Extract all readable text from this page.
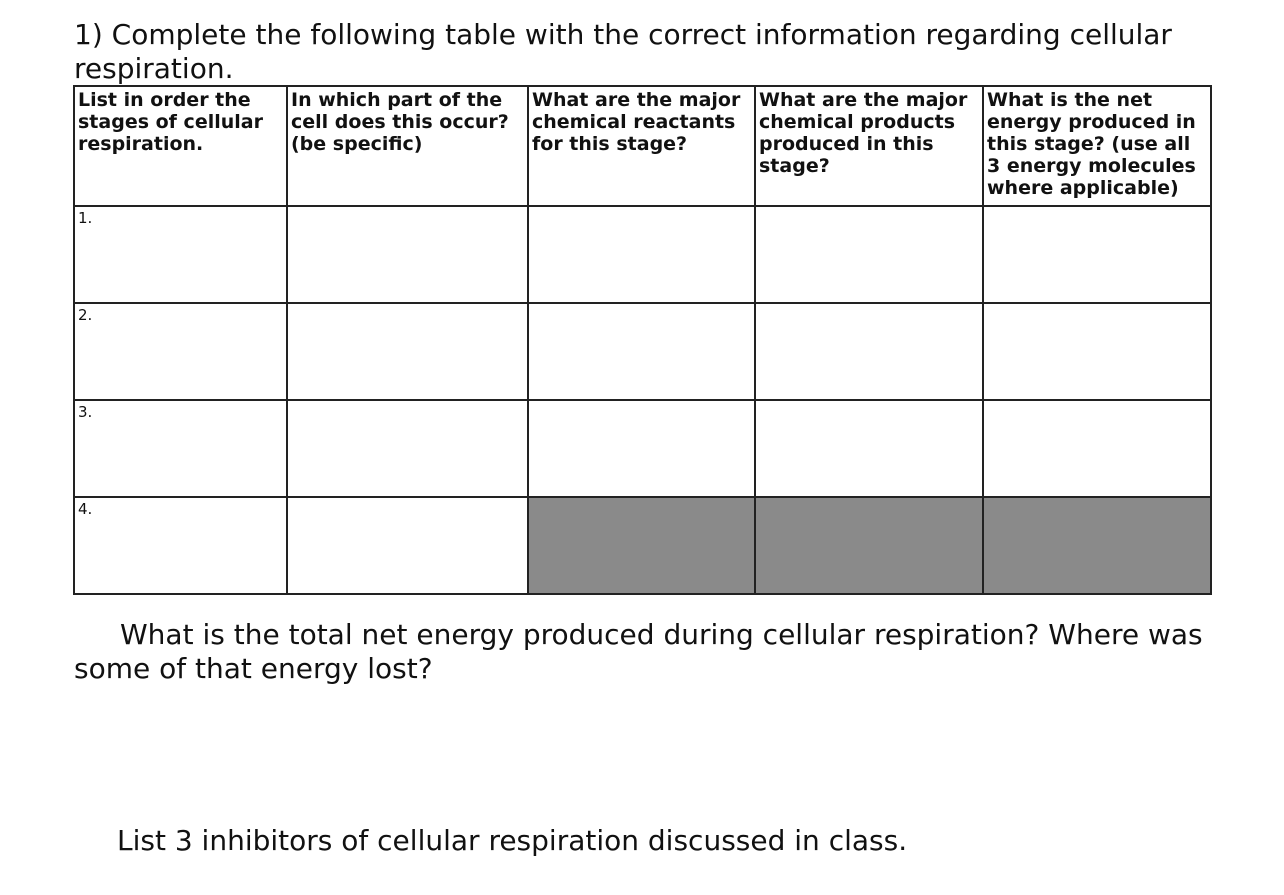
1) Complete the following table with the correct information regarding cellular respiration.
List in order the stages of cellular respiration.	In which part of the cell does this occur? (be specific)	What are the major chemical reactants for this stage?	What are the major chemical products produced in this stage?	What is the net energy produced in this stage? (use all 3 energy molecules where applicable)
1.				
2.				
3.				
4.				

What is the total net energy produced during cellular respiration? Where was some of that energy lost?

List 3 inhibitors of cellular respiration discussed in class.
